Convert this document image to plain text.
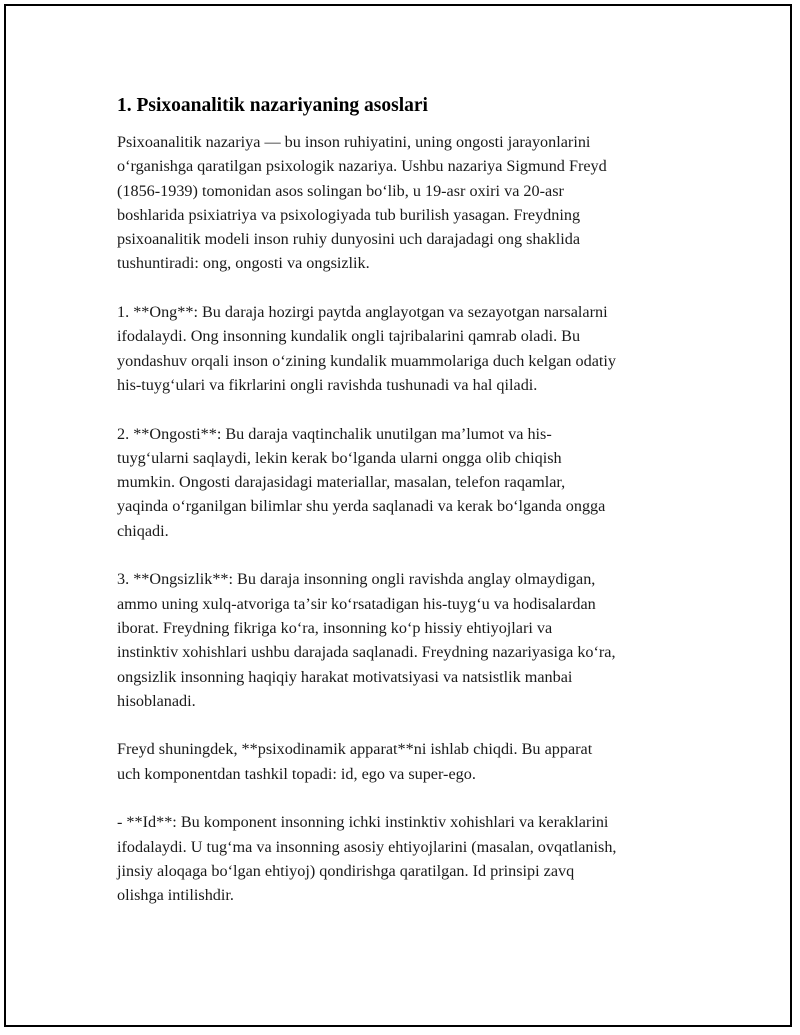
1. Psixoanalitik nazariyaning asoslari
Psixoanalitik nazariya — bu inson ruhiyatini, uning ongosti jarayonlarini
oʻrganishga qaratilgan psixologik nazariya. Ushbu nazariya Sigmund Freyd
(1856-1939) tomonidan asos solingan boʻlib, u 19-asr oxiri va 20-asr
boshlarida psixiatriya va psixologiyada tub burilish yasagan. Freydning
psixoanalitik modeli inson ruhiy dunyosini uch darajadagi ong shaklida
tushuntiradi: ong, ongosti va ongsizlik.
1. **Ong**: Bu daraja hozirgi paytda anglayotgan va sezayotgan narsalarni
ifodalaydi. Ong insonning kundalik ongli tajribalarini qamrab oladi. Bu
yondashuv orqali inson oʻzining kundalik muammolariga duch kelgan odatiy
his-tuygʻulari va fikrlarini ongli ravishda tushunadi va hal qiladi.
2. **Ongosti**: Bu daraja vaqtinchalik unutilgan maʼlumot va his-
tuygʻularni saqlaydi, lekin kerak boʻlganda ularni ongga olib chiqish
mumkin. Ongosti darajasidagi materiallar, masalan, telefon raqamlar,
yaqinda oʻrganilgan bilimlar shu yerda saqlanadi va kerak boʻlganda ongga
chiqadi.
3. **Ongsizlik**: Bu daraja insonning ongli ravishda anglay olmaydigan,
ammo uning xulq-atvoriga taʼsir koʻrsatadigan his-tuygʻu va hodisalardan
iborat. Freydning fikriga koʻra, insonning koʻp hissiy ehtiyojlari va
instinktiv xohishlari ushbu darajada saqlanadi. Freydning nazariyasiga koʻra,
ongsizlik insonning haqiqiy harakat motivatsiyasi va natsistlik manbai
hisoblanadi.
Freyd shuningdek, **psixodinamik apparat**ni ishlab chiqdi. Bu apparat
uch komponentdan tashkil topadi: id, ego va super-ego.
- **Id**: Bu komponent insonning ichki instinktiv xohishlari va keraklarini
ifodalaydi. U tugʻma va insonning asosiy ehtiyojlarini (masalan, ovqatlanish,
jinsiy aloqaga boʻlgan ehtiyoj) qondirishga qaratilgan. Id prinsipi zavq
olishga intilishdir.
